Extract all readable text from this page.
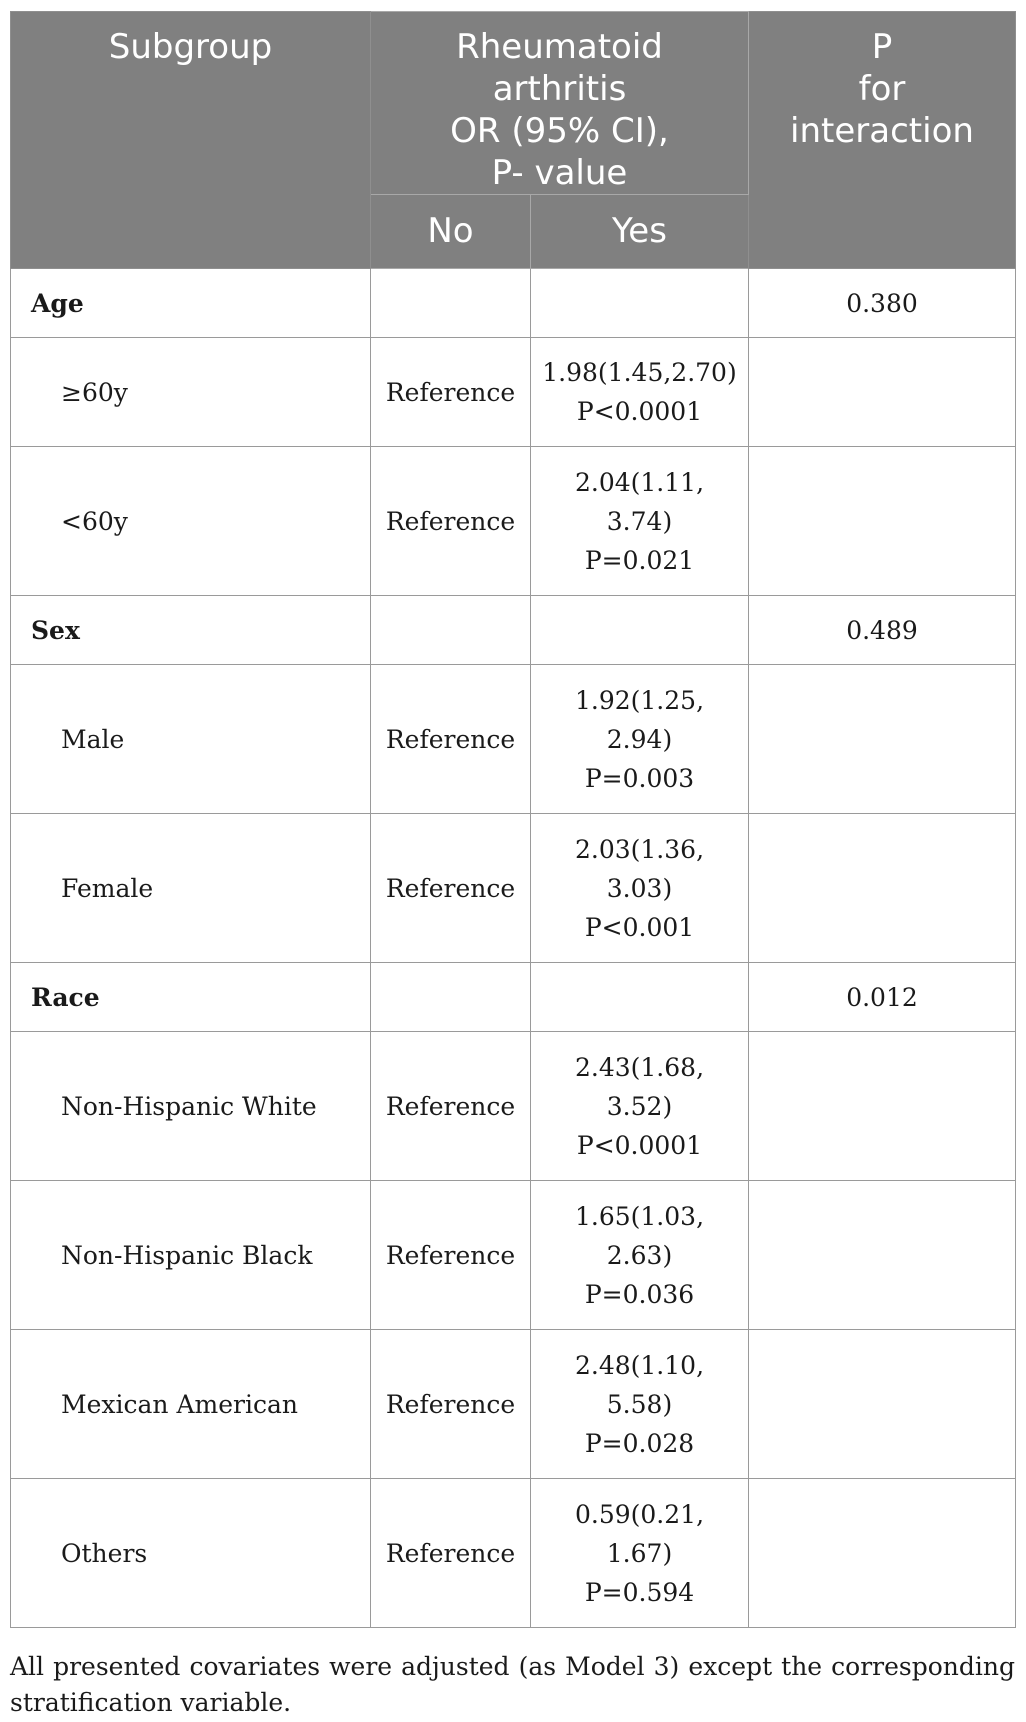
Subgroup	Rheumatoid
arthritis
OR (95% CI),
P- value		P
for
interaction

	No	Yes	
Age			0.380
≥60y	Reference	1.98(1.45,2.70)
P<0.0001	

<60y	Reference	2.04(1.11,
3.74)
P=0.021	

Sex			0.489
Male	Reference	1.92(1.25,
2.94)
P=0.003	

Female	Reference	2.03(1.36,
3.03)
P<0.001	

Race			0.012
Non-Hispanic White	Reference	2.43(1.68,
3.52)
P<0.0001	

Non-Hispanic Black	Reference	1.65(1.03,
2.63)
P=0.036	

Mexican American	Reference	2.48(1.10,
5.58)
P=0.028	

Others	Reference	0.59(0.21,
1.67)
P=0.594	

All presented covariates were adjusted (as Model 3) except the corresponding
stratification variable.
